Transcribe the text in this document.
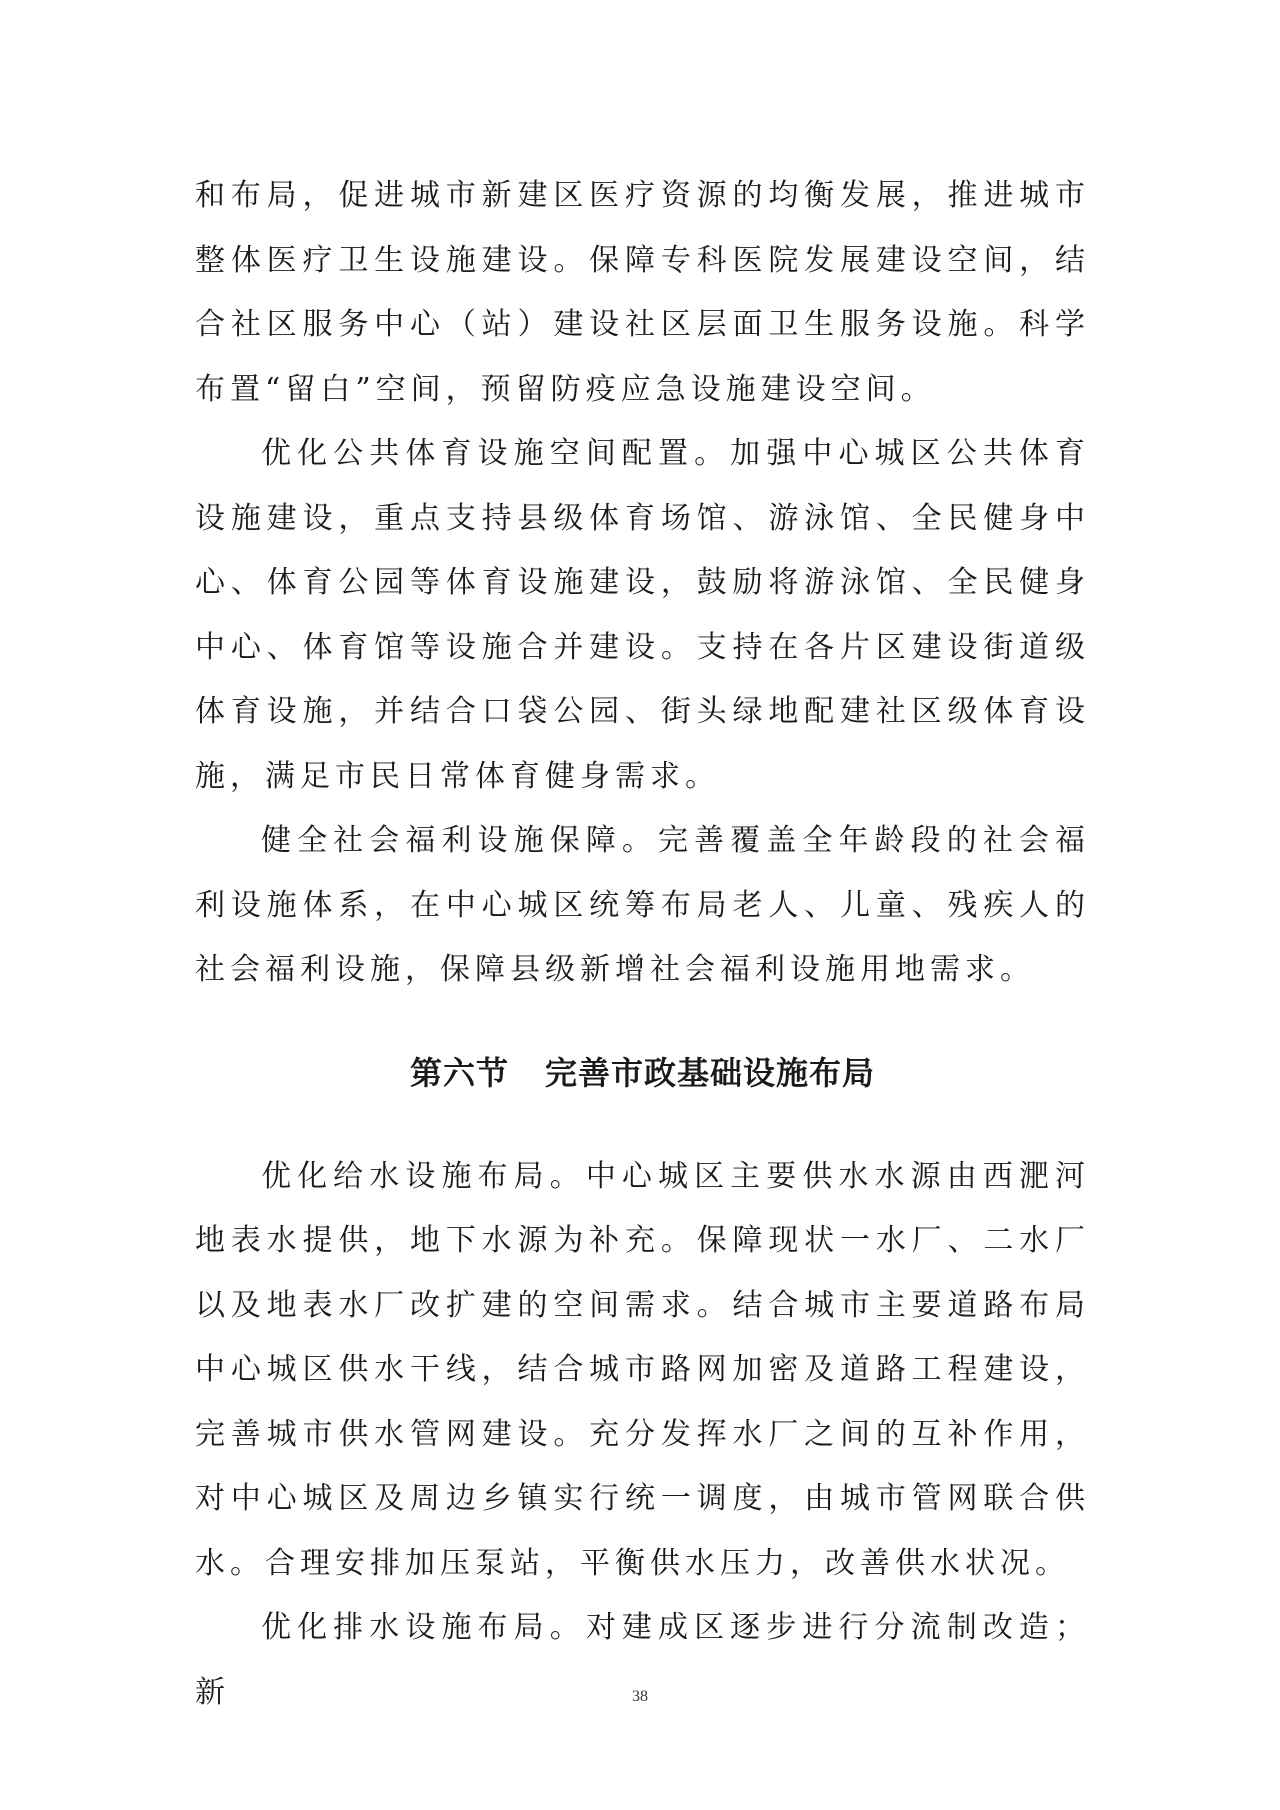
和布局，促进城市新建区医疗资源的均衡发展，推进城市整体医疗卫生设施建设。保障专科医院发展建设空间，结合社区服务中心（站）建设社区层面卫生服务设施。科学布置“留白”空间，预留防疫应急设施建设空间。

优化公共体育设施空间配置。加强中心城区公共体育设施建设，重点支持县级体育场馆、游泳馆、全民健身中心、体育公园等体育设施建设，鼓励将游泳馆、全民健身中心、体育馆等设施合并建设。支持在各片区建设街道级体育设施，并结合口袋公园、街头绿地配建社区级体育设施，满足市民日常体育健身需求。

健全社会福利设施保障。完善覆盖全年龄段的社会福利设施体系，在中心城区统筹布局老人、儿童、残疾人的社会福利设施，保障县级新增社会福利设施用地需求。

第六节 完善市政基础设施布局

优化给水设施布局。中心城区主要供水水源由西淝河地表水提供，地下水源为补充。保障现状一水厂、二水厂以及地表水厂改扩建的空间需求。结合城市主要道路布局中心城区供水干线，结合城市路网加密及道路工程建设，完善城市供水管网建设。充分发挥水厂之间的互补作用，对中心城区及周边乡镇实行统一调度，由城市管网联合供水。合理安排加压泵站，平衡供水压力，改善供水状况。

优化排水设施布局。对建成区逐步进行分流制改造；新	38
